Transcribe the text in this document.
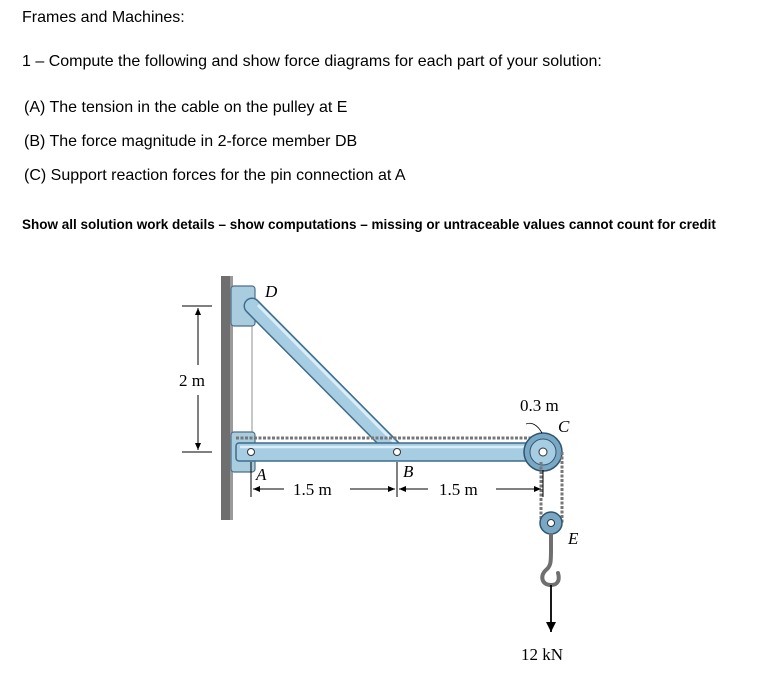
Frames and Machines:
1 – Compute the following and show force diagrams for each part of your solution:
(A) The tension in the cable on the pulley at E
(B) The force magnitude in 2-force member DB
(C) Support reaction forces for the pin connection at A
Show all solution work details – show computations – missing or untraceable values cannot count for credit
D
A	B
C
E
2 m
1.5 m	1.5 m
0.3 m
12 kN
